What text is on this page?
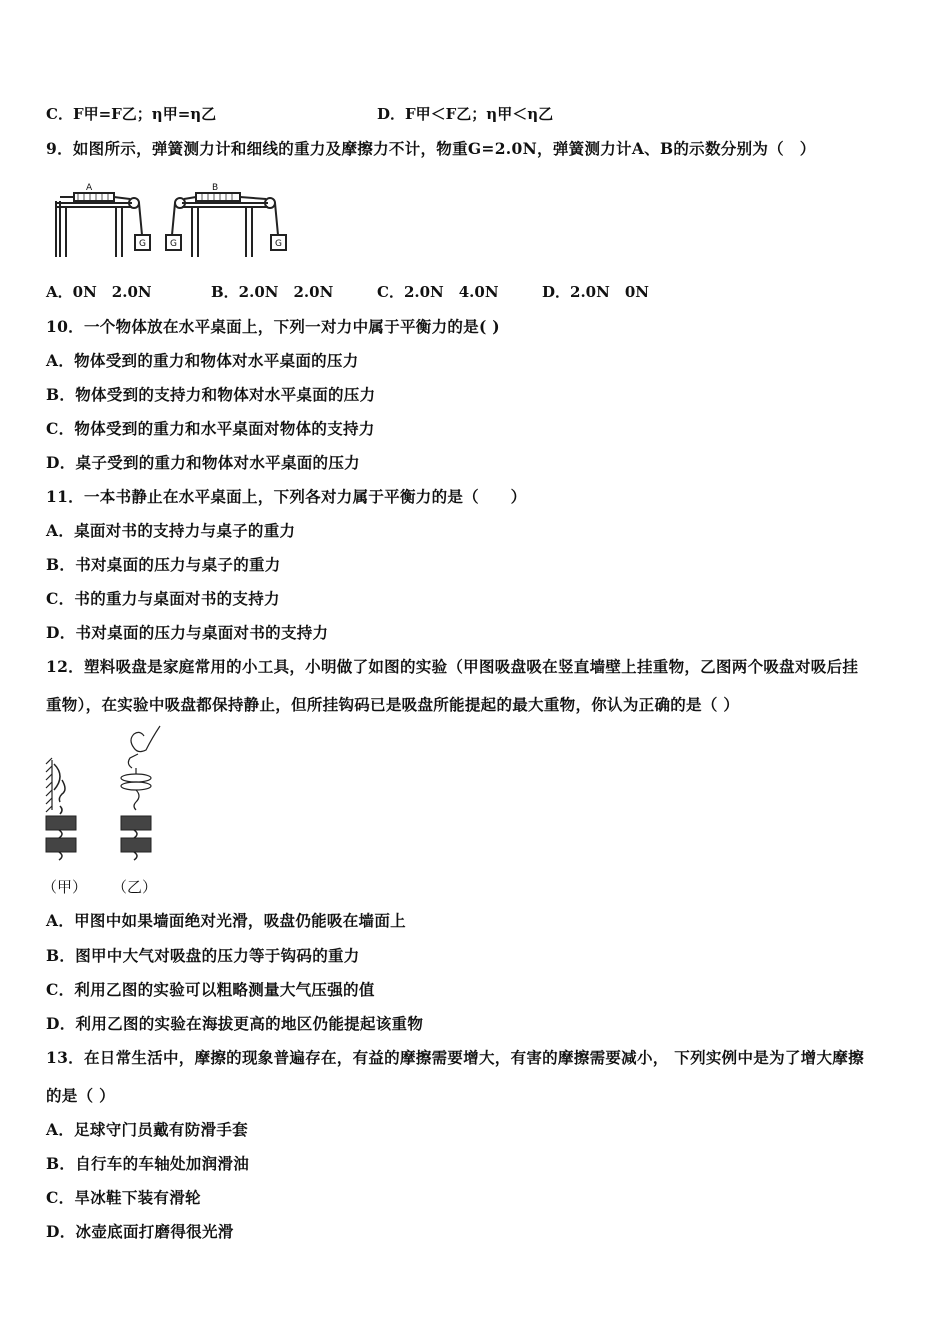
C．F甲=F乙；η甲=η乙	D．F甲＜F乙；η甲＜η乙
9．如图所示，弹簧测力计和细线的重力及摩擦力不计，物重G=2.0N，弹簧测力计A、B的示数分别为（　）
A	B
G	G	G
A．0N　2.0N	B．2.0N　2.0N	C．2.0N　4.0N	D．2.0N　0N
10．一个物体放在水平桌面上，下列一对力中属于平衡力的是( )
A．物体受到的重力和物体对水平桌面的压力
B．物体受到的支持力和物体对水平桌面的压力
C．物体受到的重力和水平桌面对物体的支持力
D．桌子受到的重力和物体对水平桌面的压力
11．一本书静止在水平桌面上，下列各对力属于平衡力的是（　　）
A．桌面对书的支持力与桌子的重力
B．书对桌面的压力与桌子的重力
C．书的重力与桌面对书的支持力
D．书对桌面的压力与桌面对书的支持力
12．塑料吸盘是家庭常用的小工具，小明做了如图的实验（甲图吸盘吸在竖直墙壁上挂重物，乙图两个吸盘对吸后挂
重物），在实验中吸盘都保持静止，但所挂钩码已是吸盘所能提起的最大重物，你认为正确的是（ ）
（甲） （乙）
A．甲图中如果墙面绝对光滑，吸盘仍能吸在墙面上
B．图甲中大气对吸盘的压力等于钩码的重力
C．利用乙图的实验可以粗略测量大气压强的值
D．利用乙图的实验在海拔更高的地区仍能提起该重物
13．在日常生活中，摩擦的现象普遍存在，有益的摩擦需要增大，有害的摩擦需要减小， 下列实例中是为了增大摩擦
的是（ ）
A．足球守门员戴有防滑手套
B．自行车的车轴处加润滑油
C．旱冰鞋下装有滑轮
D．冰壶底面打磨得很光滑
